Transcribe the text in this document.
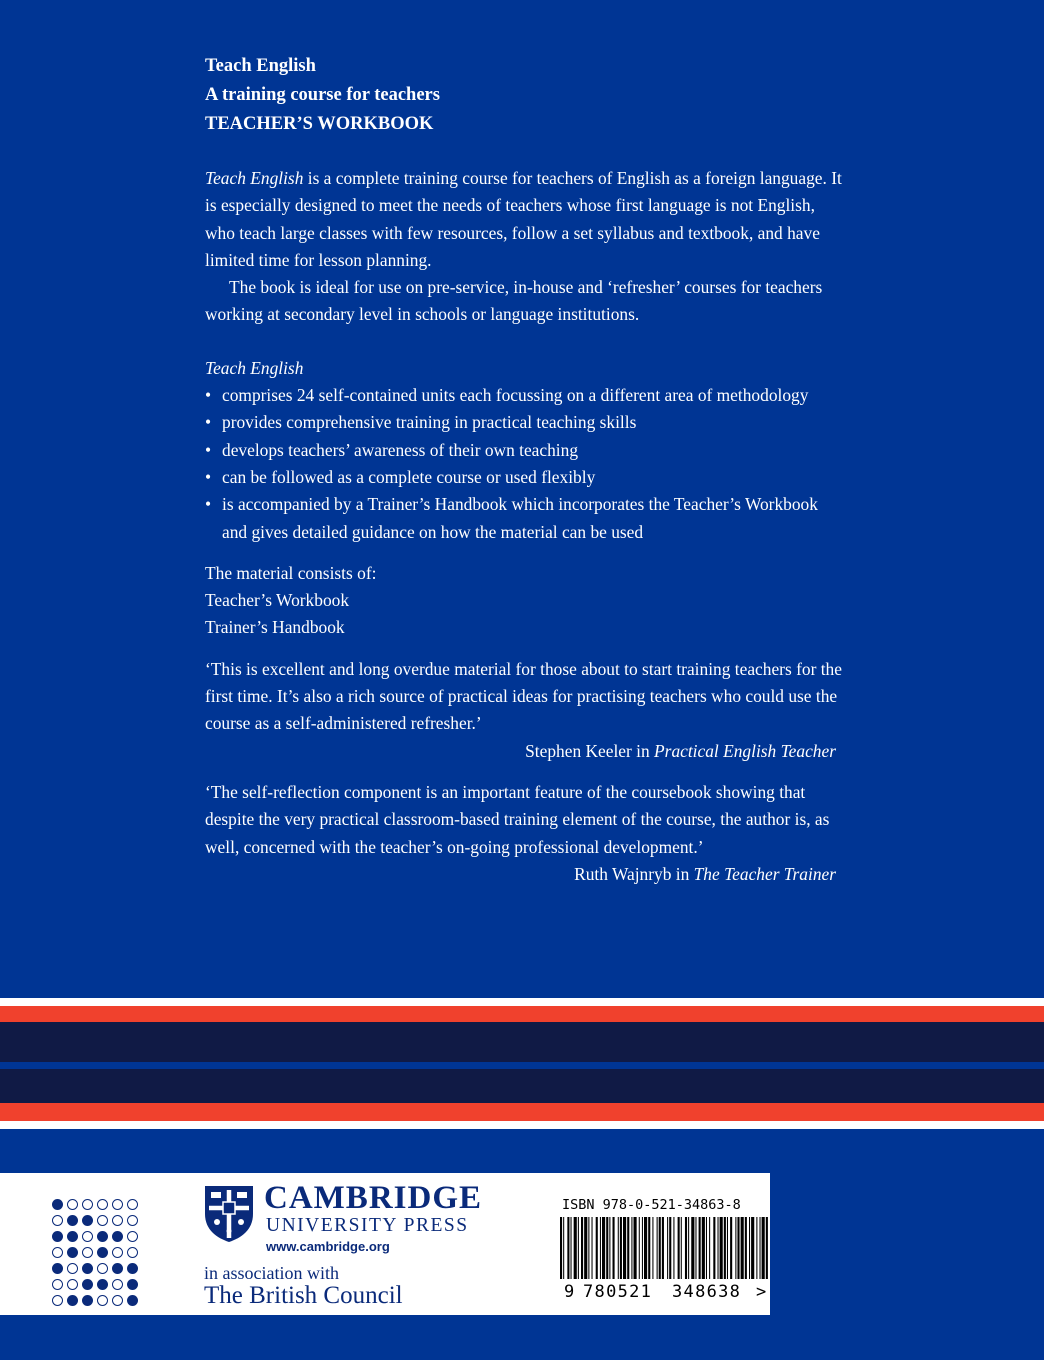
Teach English
A training course for teachers
TEACHER’S WORKBOOK

Teach English is a complete training course for teachers of English as a foreign language. It is especially designed to meet the needs of teachers whose first language is not English, who teach large classes with few resources, follow a set syllabus and textbook, and have limited time for lesson planning.

The book is ideal for use on pre-service, in-house and ‘refresher’ courses for teachers working at secondary level in schools or language institutions.

Teach English
• comprises 24 self-contained units each focussing on a different area of methodology
• provides comprehensive training in practical teaching skills
• develops teachers’ awareness of their own teaching
• can be followed as a complete course or used flexibly
• is accompanied by a Trainer’s Handbook which incorporates the Teacher’s Workbook and gives detailed guidance on how the material can be used
The material consists of:
Teacher’s Workbook
Trainer’s Handbook

‘This is excellent and long overdue material for those about to start training teachers for the first time. It’s also a rich source of practical ideas for practising teachers who could use the course as a self-administered refresher.’

Stephen Keeler in Practical English Teacher

‘The self-reflection component is an important feature of the coursebook showing that despite the very practical classroom-based training element of the course, the author is, as well, concerned with the teacher’s on-going professional development.’

Ruth Wajnryb in The Teacher Trainer
CAMBRIDGE
UNIVERSITY PRESS
www.cambridge.org
in association with
The British Council
ISBN 978-0-521-34863-8
9 780521 348638 >
